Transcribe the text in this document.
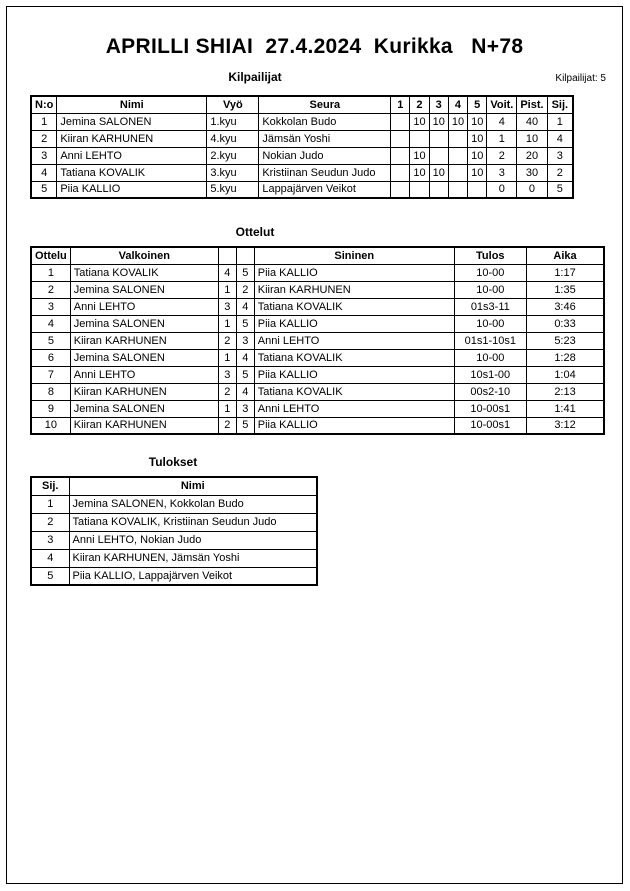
APRILLI SHIAI  27.4.2024  Kurikka   N+78
Kilpailijat	Kilpailijat: 5
N:o	Nimi	Vyö	Seura	1	2	3	4	5	Voit.	Pist.	Sij.
1	Jemina SALONEN	1.kyu	Kokkolan Budo		10	10	10	10	4	40	1
2	Kiiran KARHUNEN	4.kyu	Jämsän Yoshi					10	1	10	4
3	Anni LEHTO	2.kyu	Nokian Judo		10			10	2	20	3
4	Tatiana KOVALIK	3.kyu	Kristiinan Seudun Judo		10	10		10	3	30	2
5	Piia KALLIO	5.kyu	Lappajärven Veikot						0	0	5
Ottelut
Ottelu	Valkoinen			Sininen	Tulos	Aika
1	Tatiana KOVALIK	4	5	Piia KALLIO	10-00	1:17
2	Jemina SALONEN	1	2	Kiiran KARHUNEN	10-00	1:35
3	Anni LEHTO	3	4	Tatiana KOVALIK	01s3-11	3:46
4	Jemina SALONEN	1	5	Piia KALLIO	10-00	0:33
5	Kiiran KARHUNEN	2	3	Anni LEHTO	01s1-10s1	5:23
6	Jemina SALONEN	1	4	Tatiana KOVALIK	10-00	1:28
7	Anni LEHTO	3	5	Piia KALLIO	10s1-00	1:04
8	Kiiran KARHUNEN	2	4	Tatiana KOVALIK	00s2-10	2:13
9	Jemina SALONEN	1	3	Anni LEHTO	10-00s1	1:41
10	Kiiran KARHUNEN	2	5	Piia KALLIO	10-00s1	3:12
Tulokset
Sij.	Nimi
1	Jemina SALONEN, Kokkolan Budo
2	Tatiana KOVALIK, Kristiinan Seudun Judo
3	Anni LEHTO, Nokian Judo
4	Kiiran KARHUNEN, Jämsän Yoshi
5	Piia KALLIO, Lappajärven Veikot
